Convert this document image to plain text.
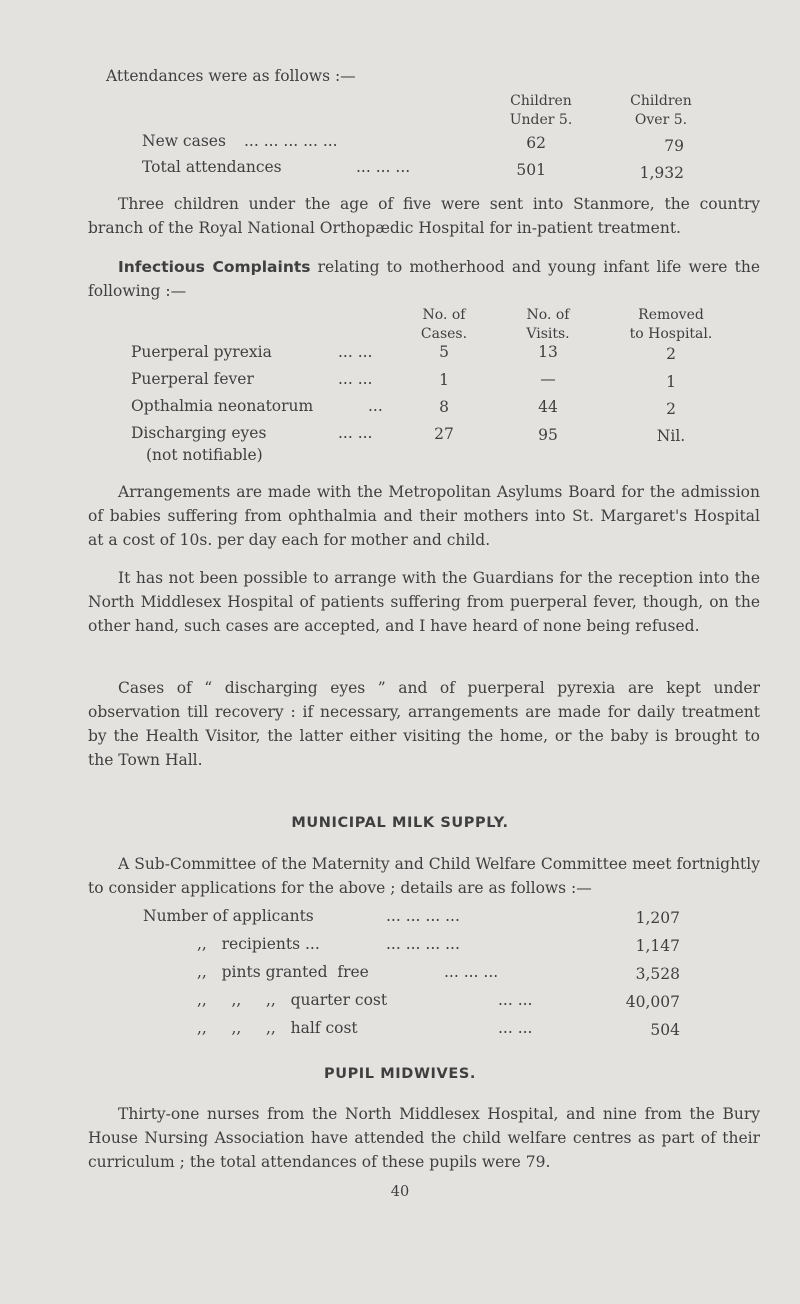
Attendances were as follows :—
Children
Under 5.
Children
Over 5.
New cases ... ... ... ... ...	62	79
Total attendances	... ... ...	501	1,932
Three children under the age of five were sent into Stanmore, the country branch of the Royal National Orthopædic Hospital for in-patient treatment.
Infectious Complaints relating to motherhood and young infant life were the following :—
No. of
Cases.
No. of
Visits.
Removed
to Hospital.
Puerperal pyrexia	... ...	5	13	2
Puerperal fever	... ...	1	—	1
Opthalmia neonatorum	...	8	44	2
Discharging eyes	... ...	27	95	Nil.
(not notifiable)
Arrangements are made with the Metropolitan Asylums Board for the admission of babies suffering from ophthalmia and their mothers into St. Margaret's Hospital at a cost of 10s. per day each for mother and child.
It has not been possible to arrange with the Guardians for the reception into the North Middlesex Hospital of patients suffering from puerperal fever, though, on the other hand, such cases are accepted, and I have heard of none being refused.
Cases of “ discharging eyes ” and of puerperal pyrexia are kept under observation till recovery : if necessary, arrangements are made for daily treatment by the Health Visitor, the latter either visiting the home, or the baby is brought to the Town Hall.
MUNICIPAL MILK SUPPLY.
A Sub-Committee of the Maternity and Child Welfare Committee meet fortnightly to consider applications for the above ; details are as follows :—
Number of applicants	... ... ... ...	1,207
,,   recipients ...	... ... ... ...	1,147
,,   pints granted  free	... ... ...	3,528
,,     ,,     ,,   quarter cost	... ...	40,007
,,     ,,     ,,   half cost	... ...	504
PUPIL MIDWIVES.
Thirty-one nurses from the North Middlesex Hospital, and nine from the Bury House Nursing Association have attended the child welfare centres as part of their curriculum ; the total attendances of these pupils were 79.
40
